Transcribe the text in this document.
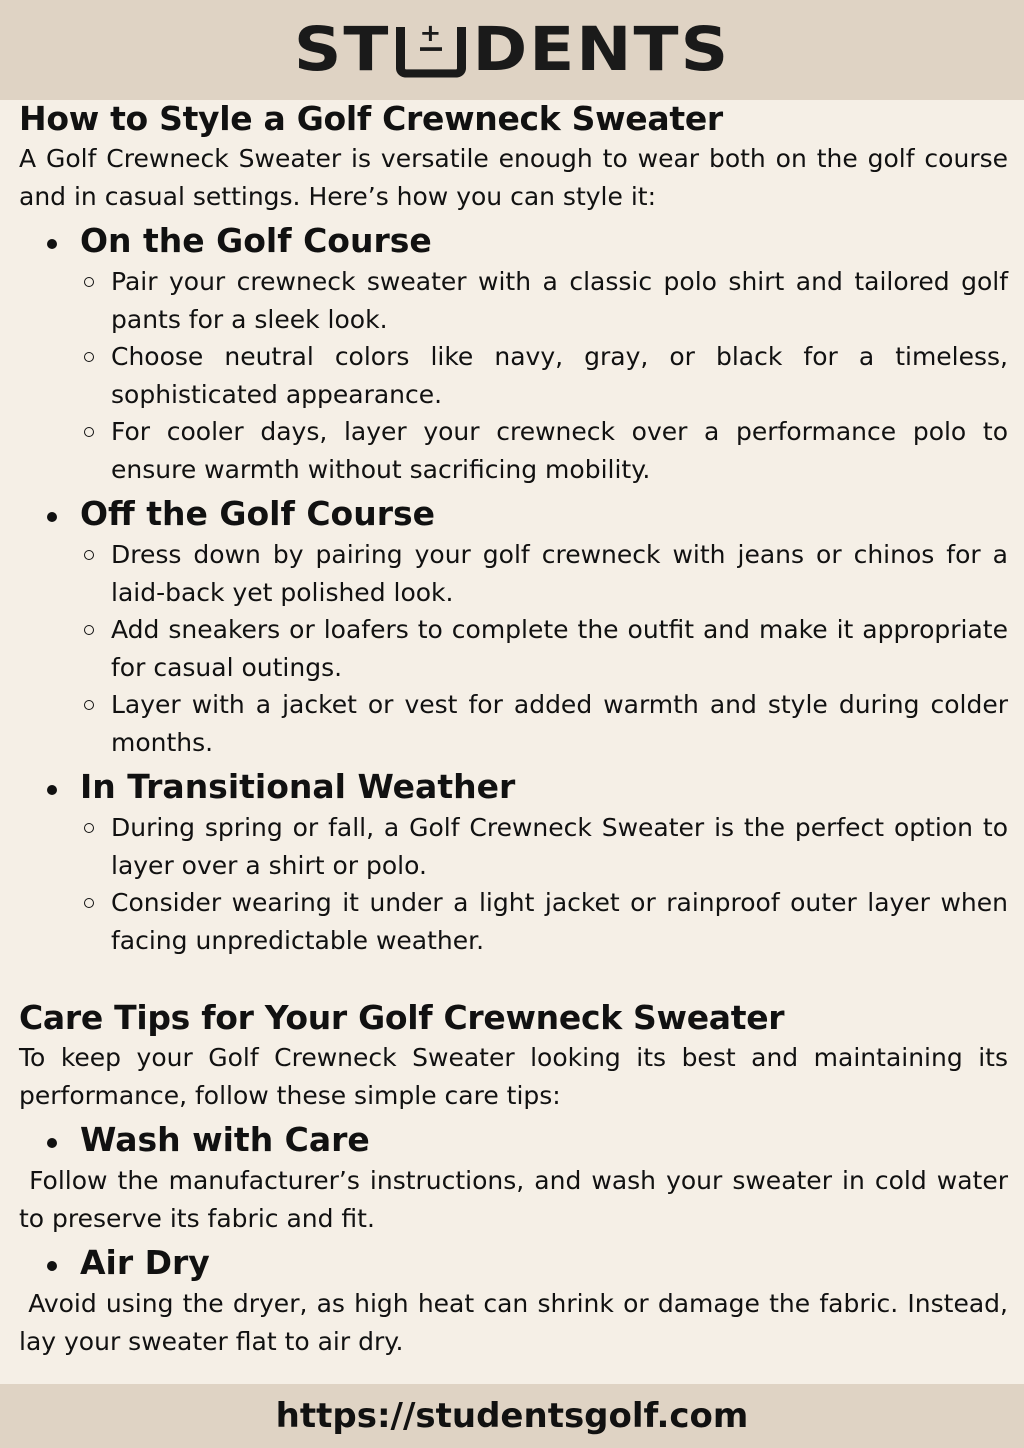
ST + DENTS
How to Style a Golf Crewneck Sweater

A Golf Crewneck Sweater is versatile enough to wear both on the golf course and in casual settings. Here’s how you can style it:

On the Golf Course
Pair your crewneck sweater with a classic polo shirt and tailored golf pants for a sleek look.
Choose neutral colors like navy, gray, or black for a timeless, sophisticated appearance.
For cooler days, layer your crewneck over a performance polo to ensure warmth without sacrificing mobility.
Off the Golf Course
Dress down by pairing your golf crewneck with jeans or chinos for a laid-back yet polished look.
Add sneakers or loafers to complete the outfit and make it appropriate for casual outings.
Layer with a jacket or vest for added warmth and style during colder months.
In Transitional Weather
During spring or fall, a Golf Crewneck Sweater is the perfect option to layer over a shirt or polo.
Consider wearing it under a light jacket or rainproof outer layer when facing unpredictable weather.
Care Tips for Your Golf Crewneck Sweater

To keep your Golf Crewneck Sweater looking its best and maintaining its performance, follow these simple care tips:

Wash with Care

Follow the manufacturer’s instructions, and wash your sweater in cold water to preserve its fabric and fit.

Air Dry

Avoid using the dryer, as high heat can shrink or damage the fabric. Instead, lay your sweater flat to air dry.

https://studentsgolf.com
